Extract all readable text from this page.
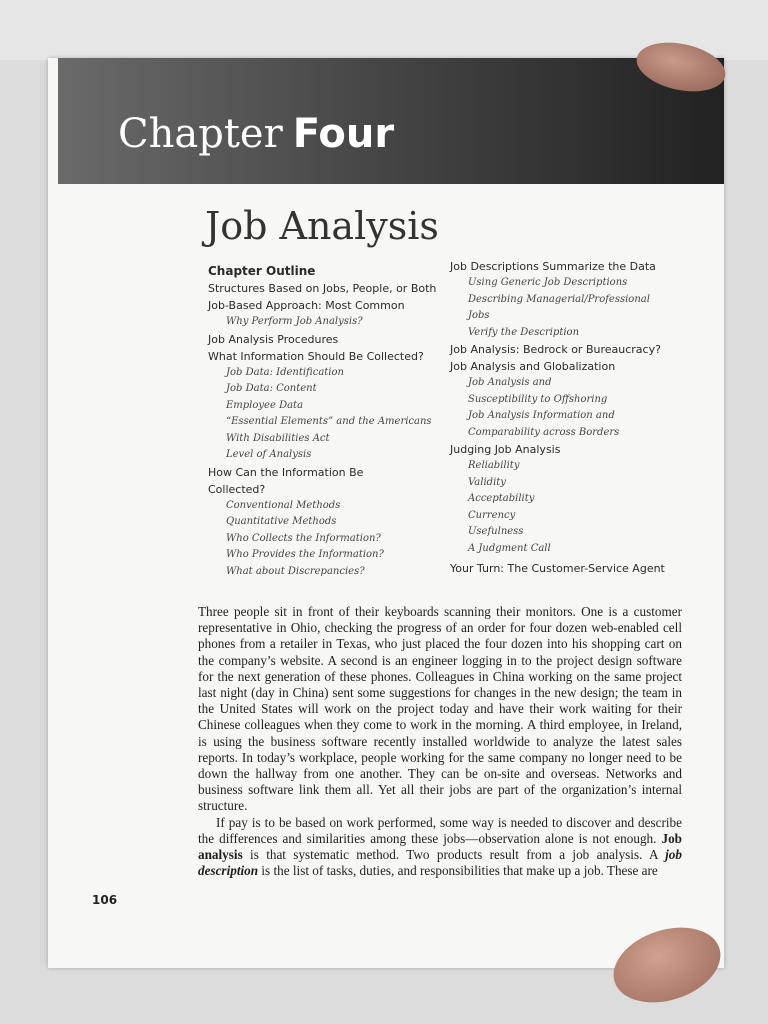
Chapter Four
Job Analysis
Chapter Outline
Structures Based on Jobs, People, or Both
Job-Based Approach: Most Common
Why Perform Job Analysis?
Job Analysis Procedures
What Information Should Be Collected?
Job Data: Identification
Job Data: Content
Employee Data
“Essential Elements” and the Americans
With Disabilities Act
Level of Analysis
How Can the Information Be
Collected?
Conventional Methods
Quantitative Methods
Who Collects the Information?
Who Provides the Information?
What about Discrepancies?
Job Descriptions Summarize the Data
Using Generic Job Descriptions
Describing Managerial/Professional
Jobs
Verify the Description
Job Analysis: Bedrock or Bureaucracy?
Job Analysis and Globalization
Job Analysis and
Susceptibility to Offshoring
Job Analysis Information and
Comparability across Borders
Judging Job Analysis
Reliability
Validity
Acceptability
Currency
Usefulness
A Judgment Call
Your Turn: The Customer-Service Agent

Three people sit in front of their keyboards scanning their monitors. One is a customer representative in Ohio, checking the progress of an order for four dozen web-enabled cell phones from a retailer in Texas, who just placed the four dozen into his shopping cart on the company’s website. A second is an engineer logging in to the project design software for the next generation of these phones. Colleagues in China working on the same project last night (day in China) sent some suggestions for changes in the new design; the team in the United States will work on the project today and have their work waiting for their Chinese colleagues when they come to work in the morning. A third employee, in Ireland, is using the business software recently installed worldwide to analyze the latest sales reports. In today’s workplace, people working for the same company no longer need to be down the hallway from one another. They can be on-site and overseas. Networks and business software link them all. Yet all their jobs are part of the organization’s internal structure.

If pay is to be based on work performed, some way is needed to discover and describe the differences and similarities among these jobs—observation alone is not enough. Job analysis is that systematic method. Two products result from a job analysis. A job description is the list of tasks, duties, and responsibilities that make up a job. These are

106
